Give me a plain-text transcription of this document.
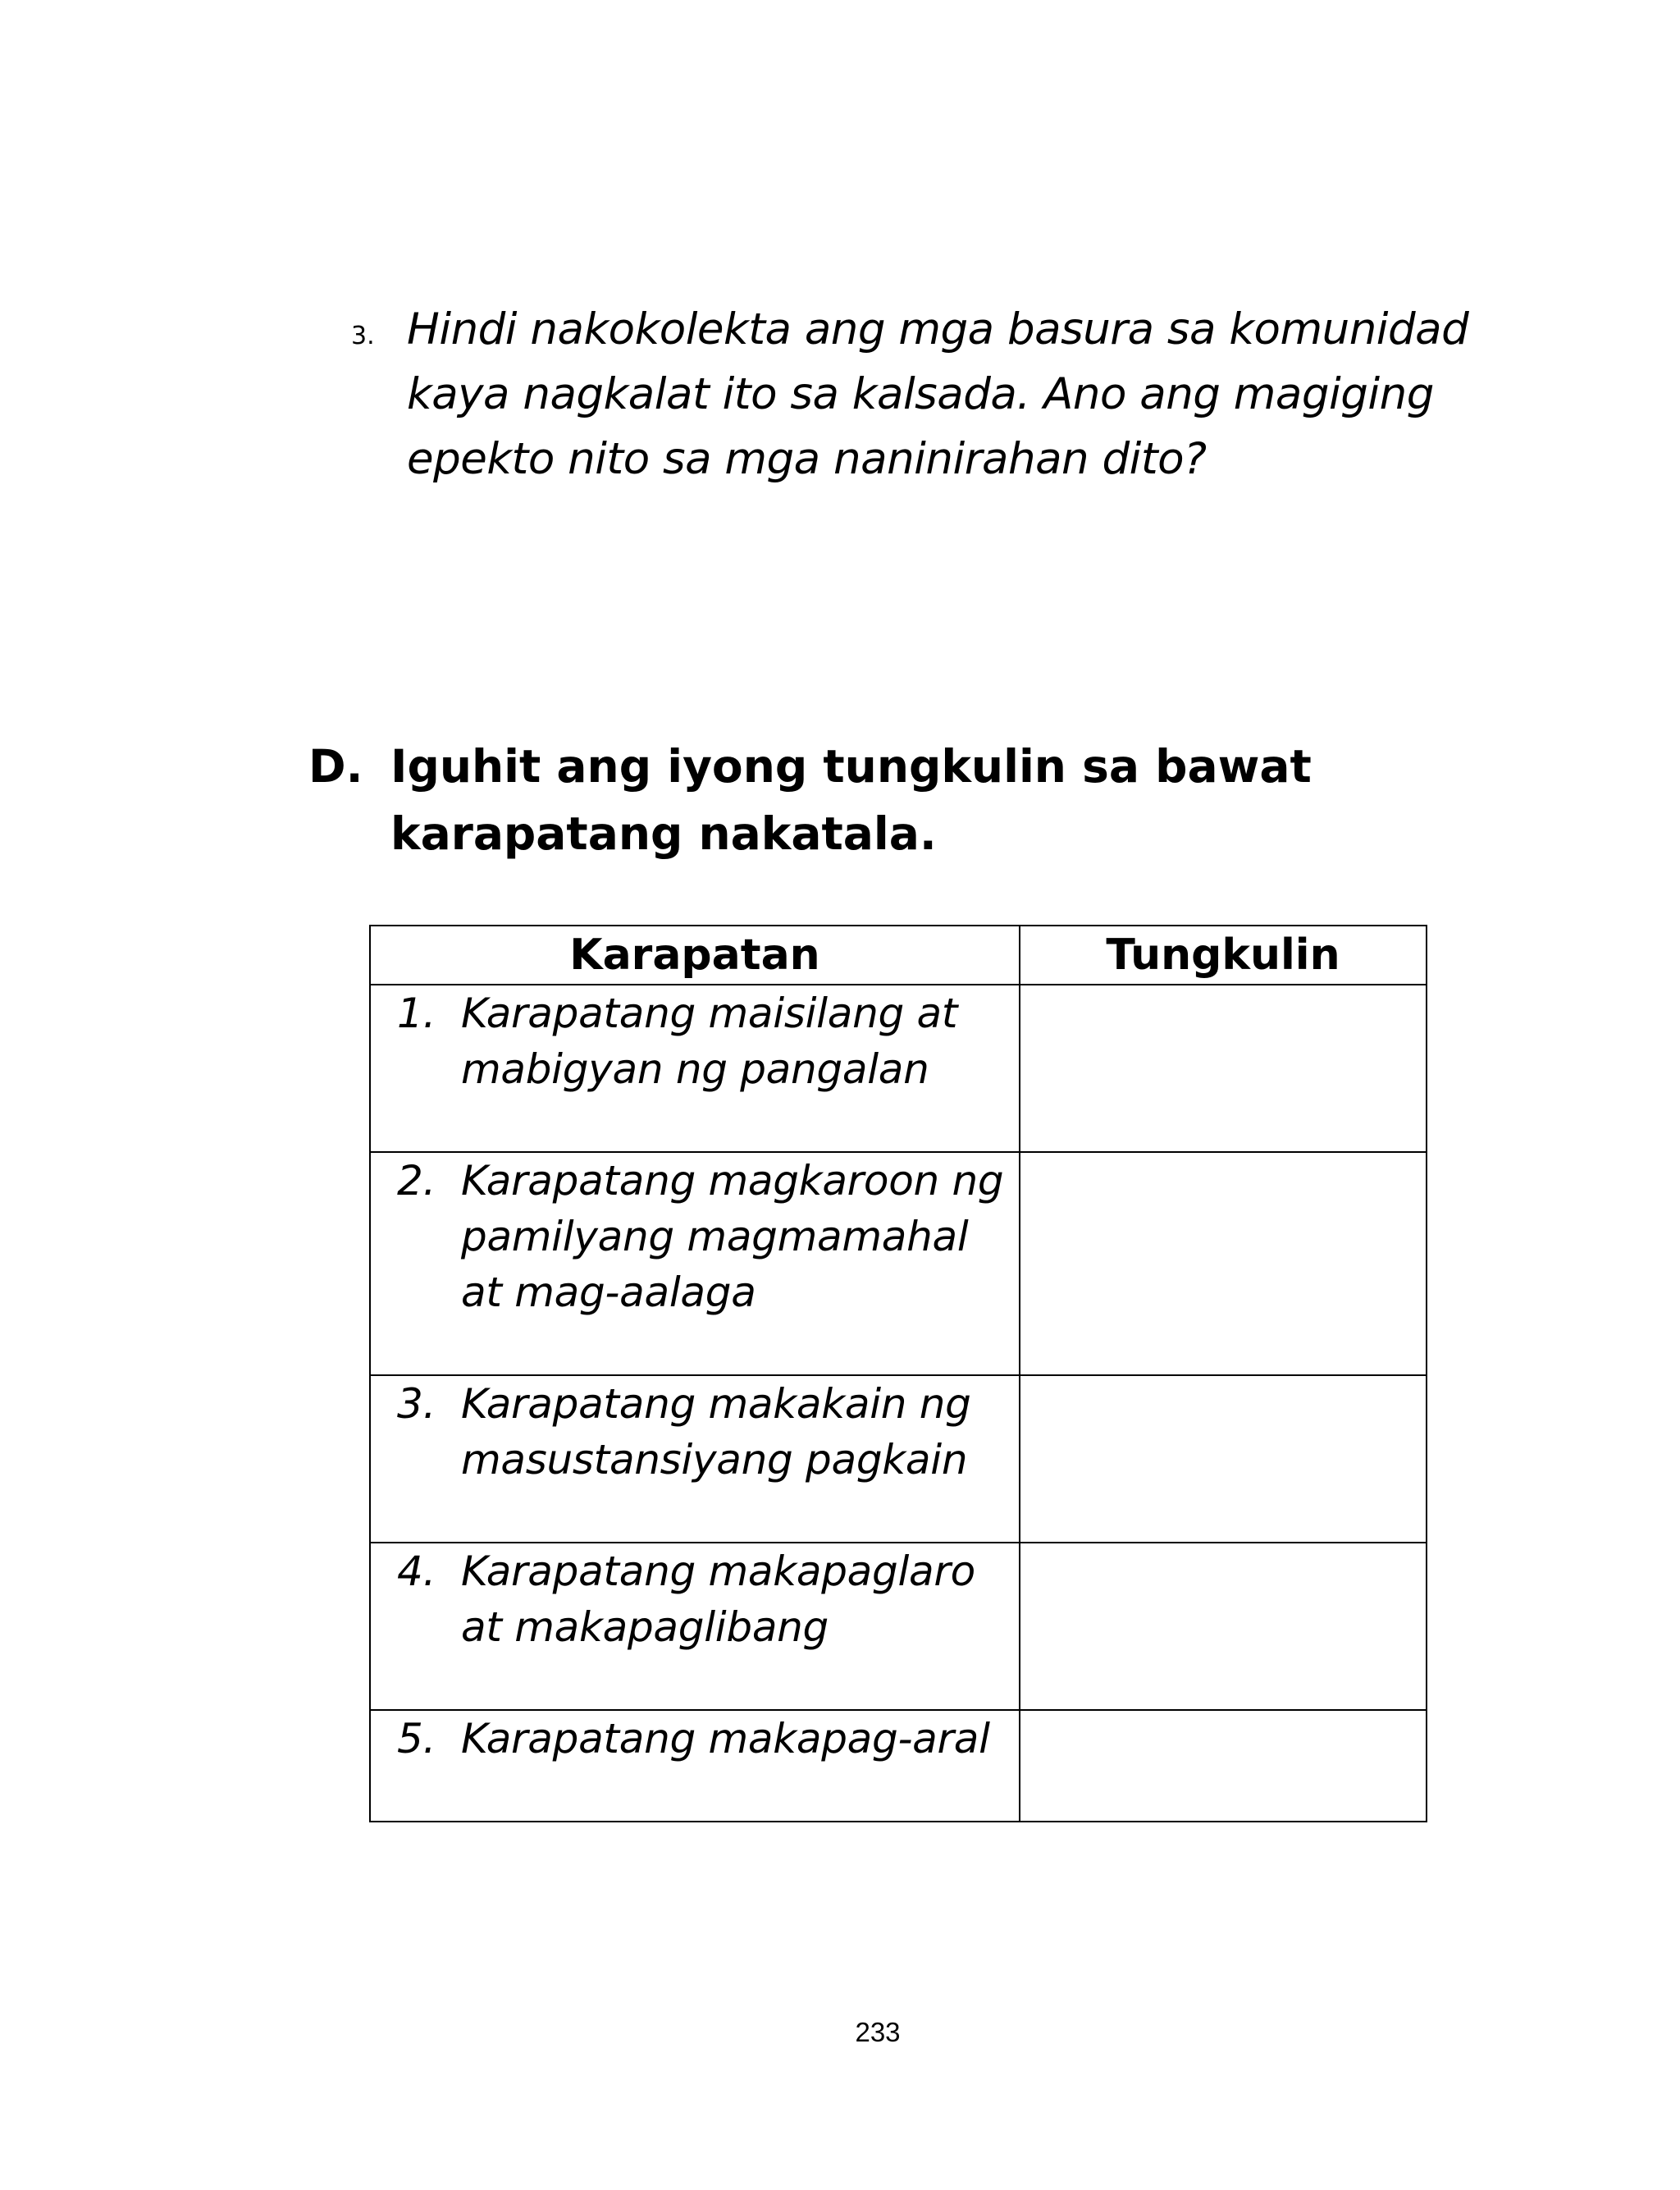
3. Hindi nakokolekta ang mga basura sa komunidad kaya nagkalat ito sa kalsada. Ano ang magiging epekto nito sa mga naninirahan dito?
D. Iguhit ang iyong tungkulin sa bawat karapatang nakatala.
Karapatan	Tungkulin

1. Karapatang maisilang at mabigyan ng pangalan	

2. Karapatang magkaroon ng pamilyang magmamahal at mag-aalaga	

3. Karapatang makakain ng masustansiyang pagkain	

4. Karapatang makapaglaro at makapaglibang	

5. Karapatang makapag-aral	

233
